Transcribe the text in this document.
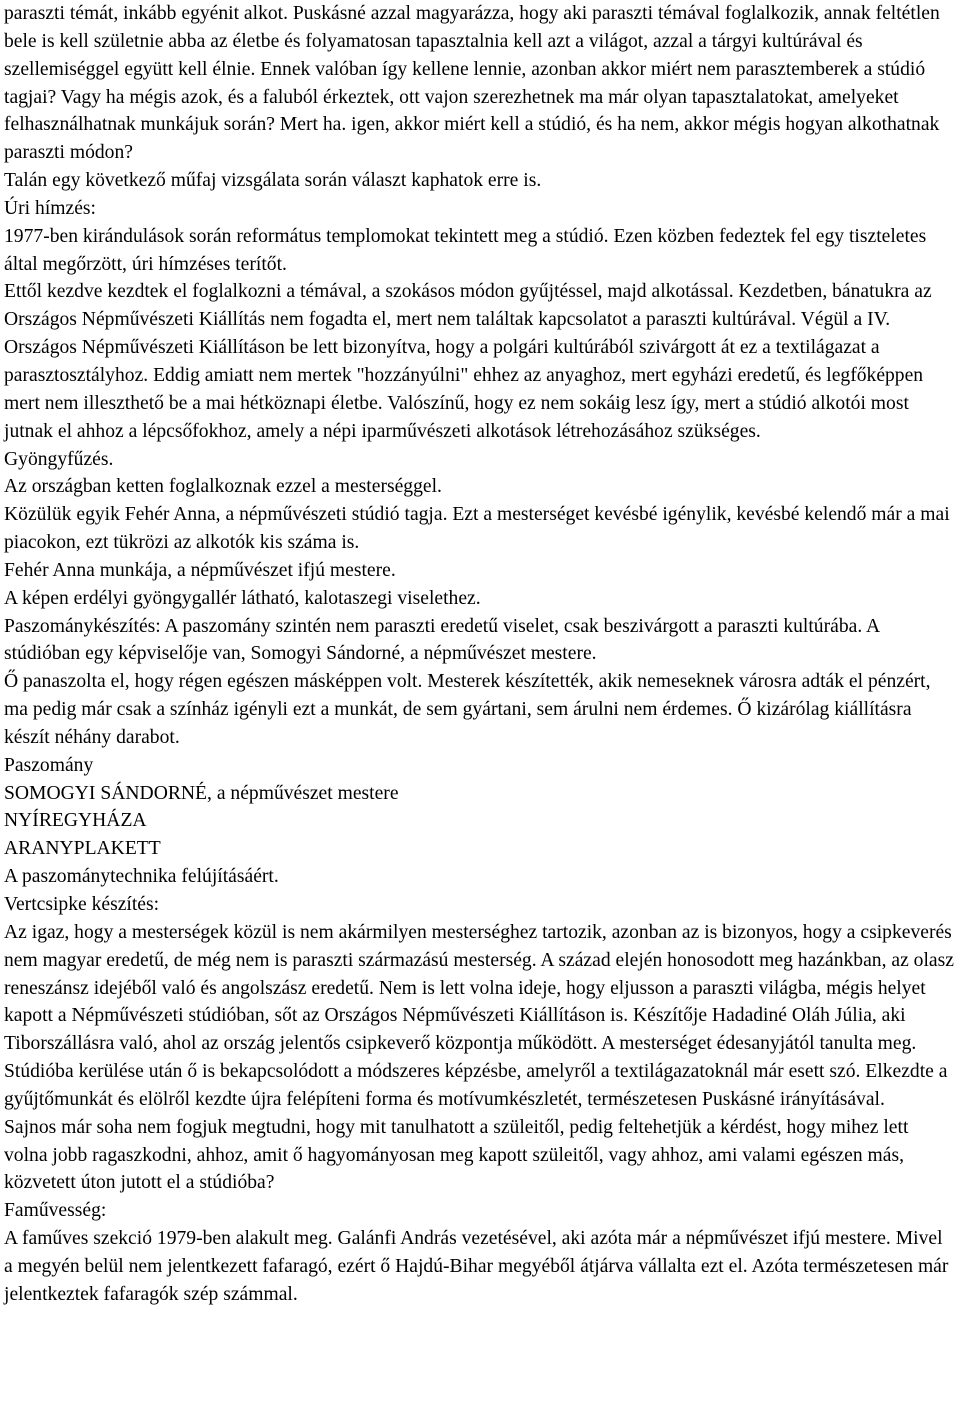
paraszti témát, inkább egyénit alkot. Puskásné azzal magyarázza, hogy aki paraszti témával foglalkozik, annak feltétlen bele is kell születnie abba az életbe és folyamatosan tapasztalnia kell azt a világot, azzal a tárgyi kultúrával és szellemiséggel együtt kell élnie. Ennek valóban így kellene lennie, azonban akkor miért nem parasztemberek a stúdió tagjai? Vagy ha mégis azok, és a faluból érkeztek, ott vajon szerezhetnek ma már olyan tapasztalatokat, amelyeket felhasználhatnak munkájuk során? Mert ha. igen, akkor miért kell a stúdió, és ha nem, akkor mégis hogyan alkothatnak paraszti módon?

Talán egy következő műfaj vizsgálata során választ kaphatok erre is.

Úri hímzés:

1977-ben kirándulások során református templomokat tekintett meg a stúdió. Ezen közben fedeztek fel egy tiszteletes által megőrzött, úri hímzéses terítőt.

Ettől kezdve kezdtek el foglalkozni a témával, a szokásos módon gyűjtéssel, majd alkotással. Kezdetben, bánatukra az Országos Népművészeti Kiállítás nem fogadta el, mert nem találtak kapcsolatot a paraszti kultúrával. Végül a IV. Országos Népművészeti Kiállításon be lett bizonyítva, hogy a polgári kultúrából szivárgott át ez a textilágazat a parasztosztályhoz. Eddig amiatt nem mertek "hozzányúlni" ehhez az anyaghoz, mert egyházi eredetű, és legfőképpen mert nem illeszthető be a mai hétköznapi életbe. Valószínű, hogy ez nem sokáig lesz így, mert a stúdió alkotói most jutnak el ahhoz a lépcsőfokhoz, amely a népi iparművészeti alkotások létrehozásához szükséges.

Gyöngyfűzés.

Az országban ketten foglalkoznak ezzel a mesterséggel.

Közülük egyik Fehér Anna, a népművészeti stúdió tagja. Ezt a mesterséget kevésbé igénylik, kevésbé kelendő már a mai piacokon, ezt tükrözi az alkotók kis száma is.

Fehér Anna munkája, a népművészet ifjú mestere.

A képen erdélyi gyöngygallér látható, kalotaszegi viselethez.

Paszománykészítés: A paszomány szintén nem paraszti eredetű viselet, csak beszivárgott a paraszti kultúrába. A stúdióban egy képviselője van, Somogyi Sándorné, a népművészet mestere.

Ő panaszolta el, hogy régen egészen másképpen volt. Mesterek készítették, akik nemeseknek városra adták el pénzért, ma pedig már csak a színház igényli ezt a munkát, de sem gyártani, sem árulni nem érdemes. Ő kizárólag kiállításra készít néhány darabot.

Paszomány

SOMOGYI SÁNDORNÉ, a népművészet mestere

NYÍREGYHÁZA

ARANYPLAKETT

A paszománytechnika felújításáért.

Vertcsipke készítés:

Az igaz, hogy a mesterségek közül is nem akármilyen mesterséghez tartozik, azonban az is bizonyos, hogy a csipkeverés nem magyar eredetű, de még nem is paraszti származású mesterség. A század elején honosodott meg hazánkban, az olasz reneszánsz idejéből való és angolszász eredetű. Nem is lett volna ideje, hogy eljusson a paraszti világba, mégis helyet kapott a Népművészeti stúdióban, sőt az Országos Népművészeti Kiállításon is. Készítője Hadadiné Oláh Júlia, aki Tiborszállásra való, ahol az ország jelentős csipkeverő központja működött. A mesterséget édesanyjától tanulta meg. Stúdióba kerülése után ő is bekapcsolódott a módszeres képzésbe, amelyről a textilágazatoknál már esett szó. Elkezdte a gyűjtőmunkát és elölről kezdte újra felépíteni forma és motívumkészletét, természetesen Puskásné irányításával.

Sajnos már soha nem fogjuk megtudni, hogy mit tanulhatott a szüleitől, pedig feltehetjük a kérdést, hogy mihez lett volna jobb ragaszkodni, ahhoz, amit ő hagyományosan meg kapott szüleitől, vagy ahhoz, ami valami egészen más, közvetett úton jutott el a stúdióba?

Faművesség:

A faműves szekció 1979-ben alakult meg. Galánfi András vezetésével, aki azóta már a népművészet ifjú mestere. Mivel a megyén belül nem jelentkezett fafaragó, ezért ő Hajdú-Bihar megyéből átjárva vállalta ezt el. Azóta természetesen már jelentkeztek fafaragók szép számmal.
